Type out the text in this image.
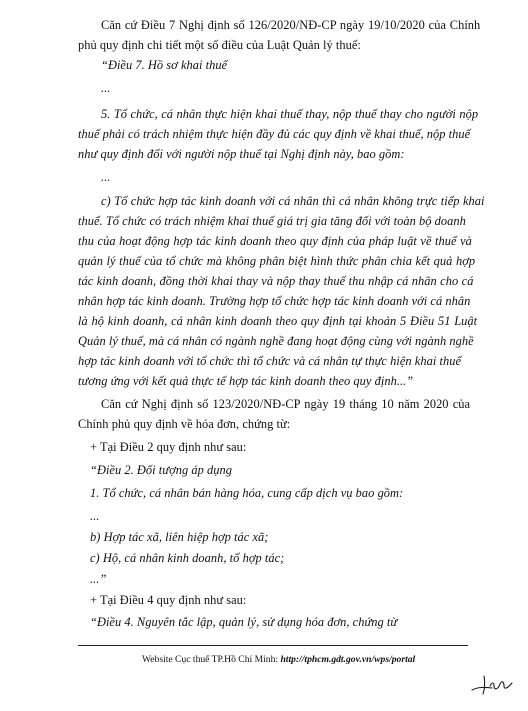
Căn cứ Điều 7 Nghị định số 126/2020/NĐ-CP ngày 19/10/2020 của Chính
phủ quy định chi tiết một số điều của Luật Quản lý thuế:
“Điều 7. Hồ sơ khai thuế
...
5. Tổ chức, cá nhân thực hiện khai thuế thay, nộp thuế thay cho người nộp
thuế phải có trách nhiệm thực hiện đầy đủ các quy định về khai thuế, nộp thuế
như quy định đối với người nộp thuế tại Nghị định này, bao gồm:
...
c) Tổ chức hợp tác kinh doanh với cá nhân thì cá nhân không trực tiếp khai
thuế. Tổ chức có trách nhiệm khai thuế giá trị gia tăng đối với toàn bộ doanh
thu của hoạt động hợp tác kinh doanh theo quy định của pháp luật về thuế và
quản lý thuế của tổ chức mà không phân biệt hình thức phân chia kết quả hợp
tác kinh doanh, đồng thời khai thay và nộp thay thuế thu nhập cá nhân cho cá
nhân hợp tác kinh doanh. Trường hợp tổ chức hợp tác kinh doanh với cá nhân
là hộ kinh doanh, cá nhân kinh doanh theo quy định tại khoản 5 Điều 51 Luật
Quản lý thuế, mà cá nhân có ngành nghề đang hoạt động cùng với ngành nghề
hợp tác kinh doanh với tổ chức thì tổ chức và cá nhân tự thực hiện khai thuế
tương ứng với kết quả thực tế hợp tác kinh doanh theo quy định...”
Căn cứ Nghị định số 123/2020/NĐ-CP ngày 19 tháng 10 năm 2020 của
Chính phủ quy định về hóa đơn, chứng từ:
+ Tại Điều 2 quy định như sau:
“Điều 2. Đối tượng áp dụng
1. Tổ chức, cá nhân bán hàng hóa, cung cấp dịch vụ bao gồm:
...
b) Hợp tác xã, liên hiệp hợp tác xã;
c) Hộ, cá nhân kinh doanh, tổ hợp tác;
...”
+ Tại Điều 4 quy định như sau:
“Điều 4. Nguyên tắc lập, quản lý, sử dụng hóa đơn, chứng từ
Website Cục thuế TP.Hồ Chí Minh: http://tphcm.gdt.gov.vn/wps/portal
